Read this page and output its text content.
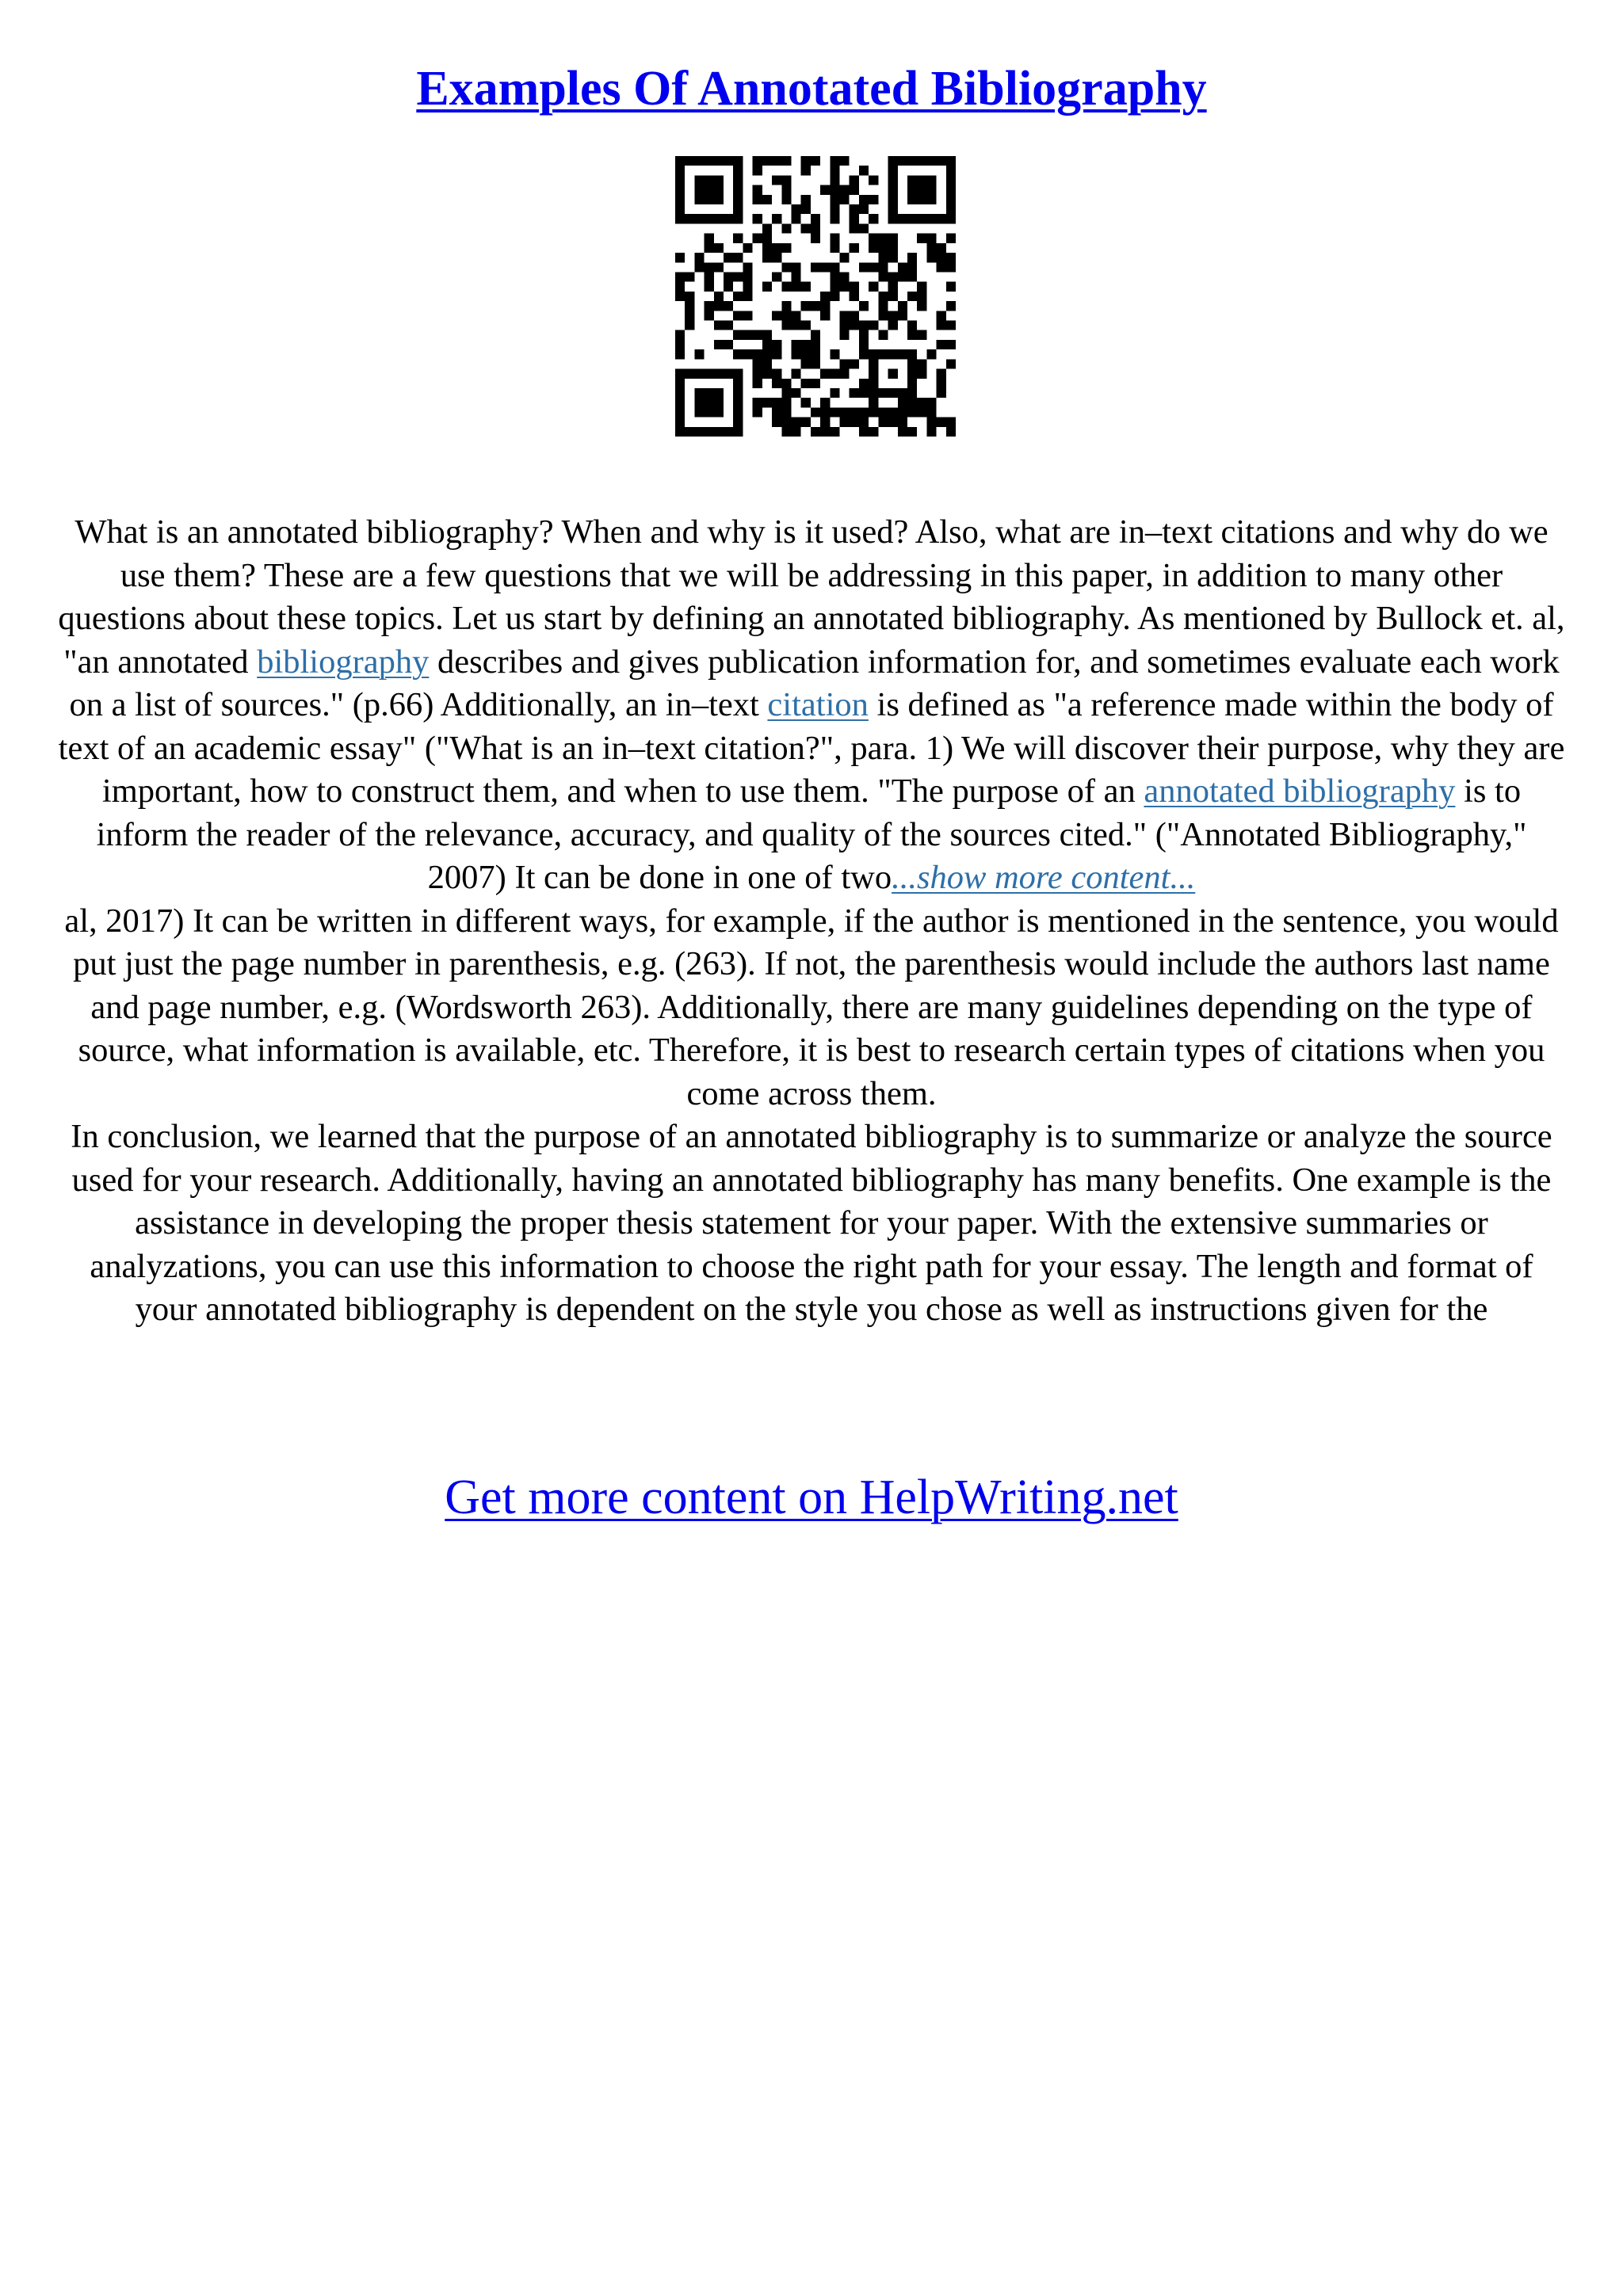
Examples Of Annotated Bibliography

What is an annotated bibliography? When and why is it used? Also, what are in–text citations and why do we use them? These are a few questions that we will be addressing in this paper, in addition to many other questions about these topics. Let us start by defining an annotated bibliography. As mentioned by Bullock et. al, "an annotated bibliography describes and gives publication information for, and sometimes evaluate each work on a list of sources." (p.66) Additionally, an in–text citation is defined as "a reference made within the body of text of an academic essay" ("What is an in–text citation?", para. 1) We will discover their purpose, why they are important, how to construct them, and when to use them. "The purpose of an annotated bibliography is to inform the reader of the relevance, accuracy, and quality of the sources cited." ("Annotated Bibliography," 2007) It can be done in one of two...show more content...

al, 2017) It can be written in different ways, for example, if the author is mentioned in the sentence, you would put just the page number in parenthesis, e.g. (263). If not, the parenthesis would include the authors last name and page number, e.g. (Wordsworth 263). Additionally, there are many guidelines depending on the type of source, what information is available, etc. Therefore, it is best to research certain types of citations when you come across them.

In conclusion, we learned that the purpose of an annotated bibliography is to summarize or analyze the source used for your research. Additionally, having an annotated bibliography has many benefits. One example is the assistance in developing the proper thesis statement for your paper. With the extensive summaries or analyzations, you can use this information to choose the right path for your essay. The length and format of your annotated bibliography is dependent on the style you chose as well as instructions given for the

Get more content on HelpWriting.net
